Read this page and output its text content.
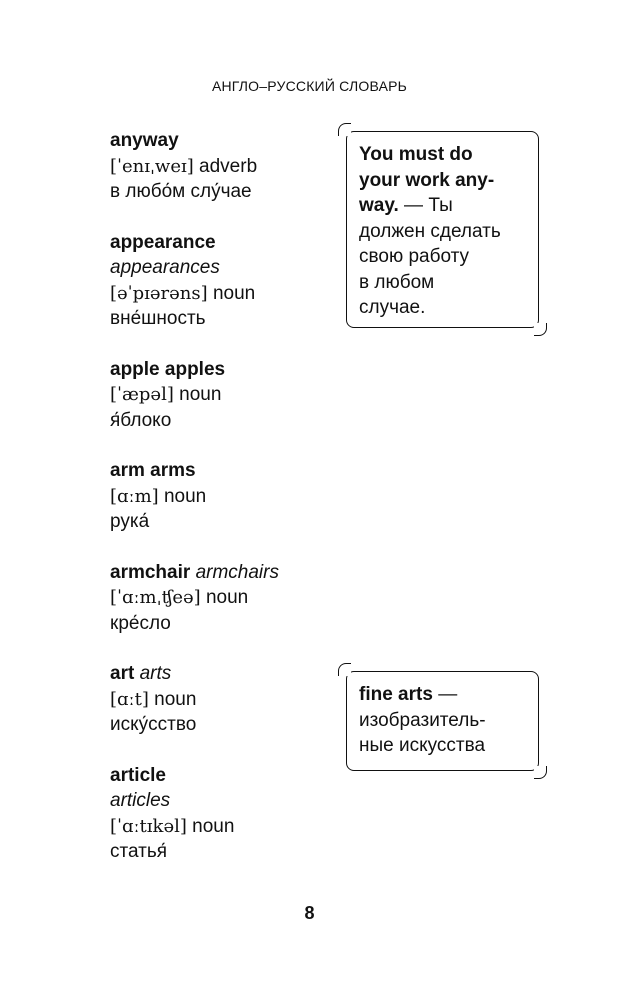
АНГЛО–РУССКИЙ СЛОВАРЬ
anyway
[ˈenɪˌweɪ] adverb
в любо́м слу́чае
appearance
appearances
[əˈpɪərəns] noun
вне́шность
apple apples
[ˈæpəl] noun
я́блоко
arm arms
[ɑːm] noun
рука́
armchair armchairs
[ˈɑːmˌʧeə] noun
кре́сло
art arts
[ɑːt] noun
иску́сство
article
articles
[ˈɑːtɪkəl] noun
статья́
You must do
your work any-
way. — Ты
должен сделать
свою работу
в любом
случае.
fine arts —
изобразитель-
ные искусства
8
